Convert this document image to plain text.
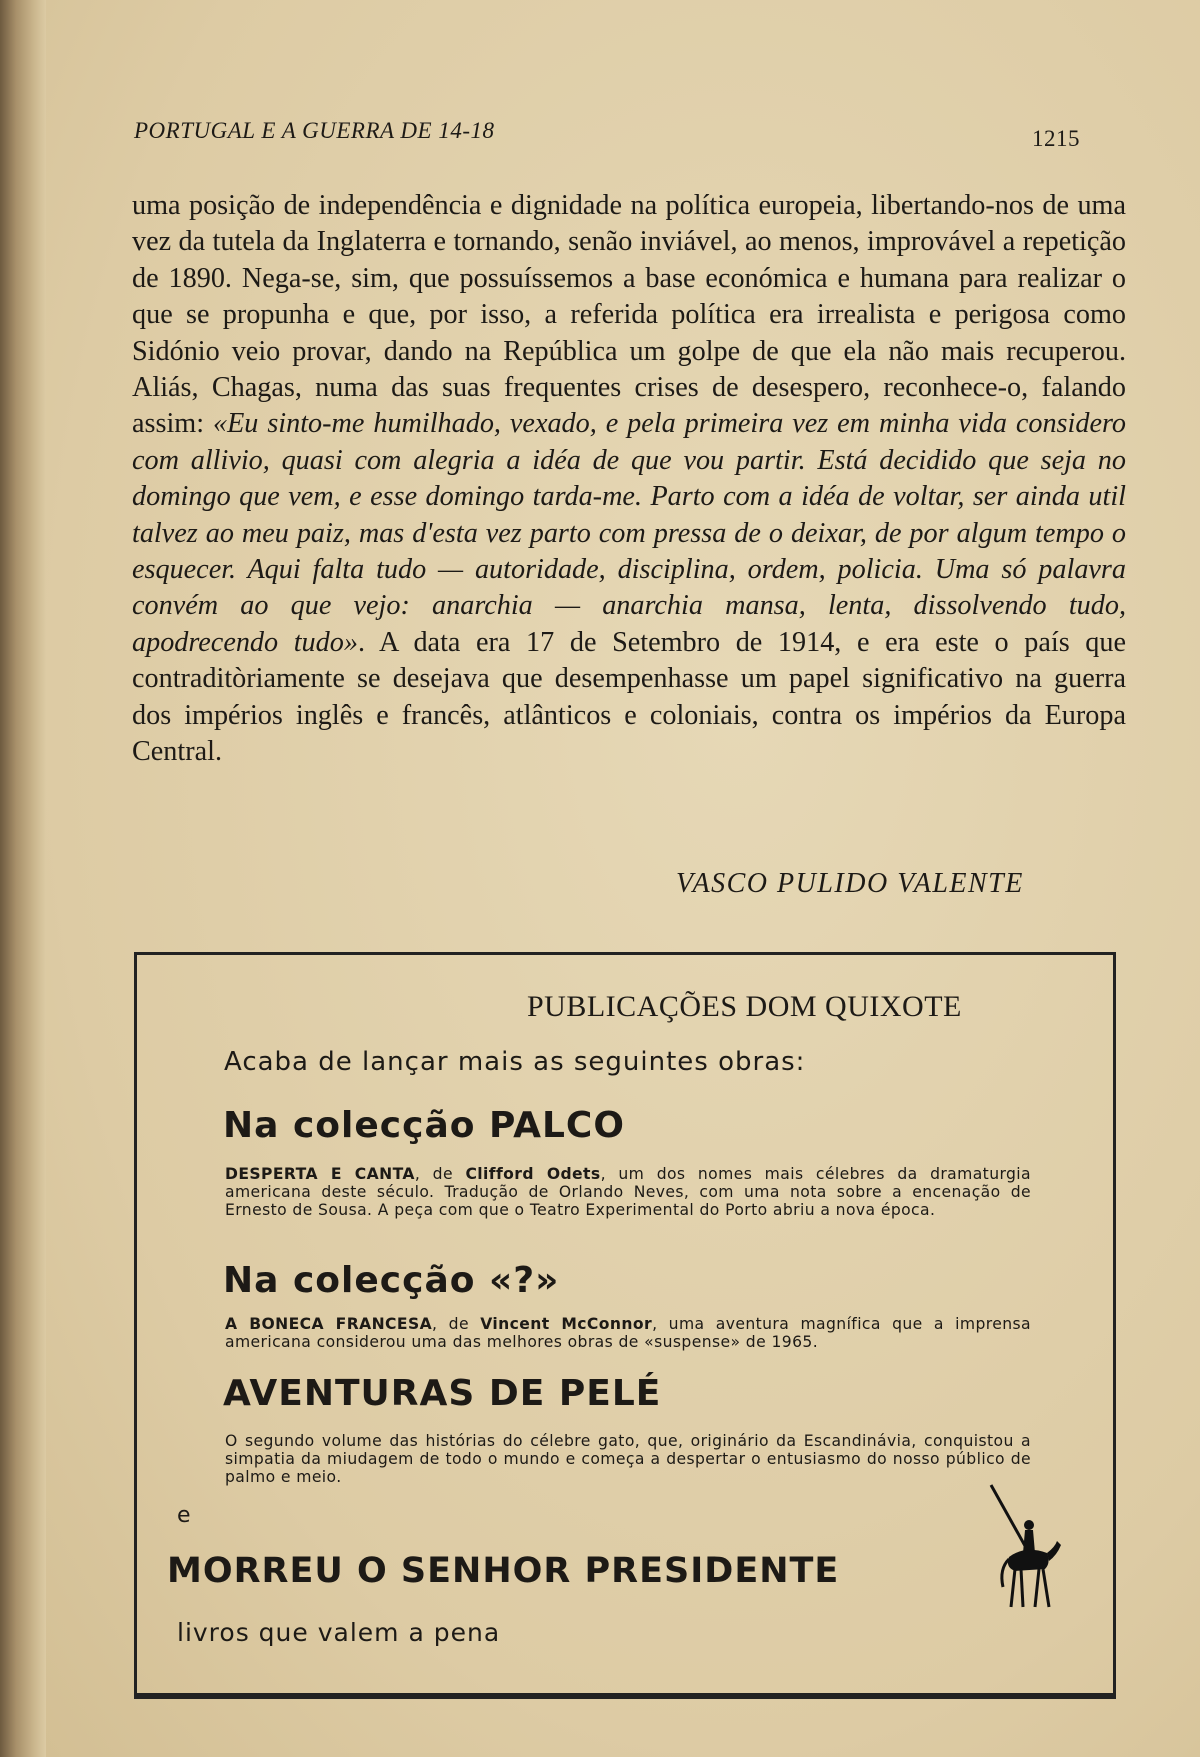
PORTUGAL E A GUERRA DE 14-18	1215
uma posição de independência e dignidade na política europeia, libertando-nos de uma vez da tutela da Inglaterra e tornando, senão inviável, ao menos, improvável a repetição de 1890. Nega-se, sim, que possuíssemos a base económica e humana para realizar o que se propunha e que, por isso, a referida política era irrealista e perigosa como Sidónio veio provar, dando na República um golpe de que ela não mais recuperou. Aliás, Chagas, numa das suas frequentes crises de desespero, reconhece-o, falando assim: «Eu sinto-me humilhado, vexado, e pela primeira vez em minha vida considero com allivio, quasi com alegria a idéa de que vou partir. Está decidido que seja no domingo que vem, e esse domingo tarda-me. Parto com a idéa de voltar, ser ainda util talvez ao meu paiz, mas d'esta vez parto com pressa de o deixar, de por algum tempo o esquecer. Aqui falta tudo — autoridade, disciplina, ordem, policia. Uma só palavra convém ao que vejo: anarchia — anarchia mansa, lenta, dissolvendo tudo, apodrecendo tudo». A data era 17 de Setembro de 1914, e era este o país que contraditòriamente se desejava que desempenhasse um papel significativo na guerra dos impérios inglês e francês, atlânticos e coloniais, contra os impérios da Europa Central.
VASCO PULIDO VALENTE
PUBLICAÇÕES DOM QUIXOTE
Acaba de lançar mais as seguintes obras:
Na colecção PALCO
DESPERTA E CANTA, de Clifford Odets, um dos nomes mais célebres da dramaturgia americana deste século. Tradução de Orlando Neves, com uma nota sobre a encenação de Ernesto de Sousa. A peça com que o Teatro Experimental do Porto abriu a nova época.
Na colecção «?»
A BONECA FRANCESA, de Vincent McConnor, uma aventura magnífica que a imprensa americana considerou uma das melhores obras de «suspense» de 1965.
AVENTURAS DE PELÉ
O segundo volume das histórias do célebre gato, que, originário da Escandinávia, conquistou a simpatia da miudagem de todo o mundo e começa a despertar o entusiasmo do nosso público de palmo e meio.
e
MORREU O SENHOR PRESIDENTE
livros que valem a pena
